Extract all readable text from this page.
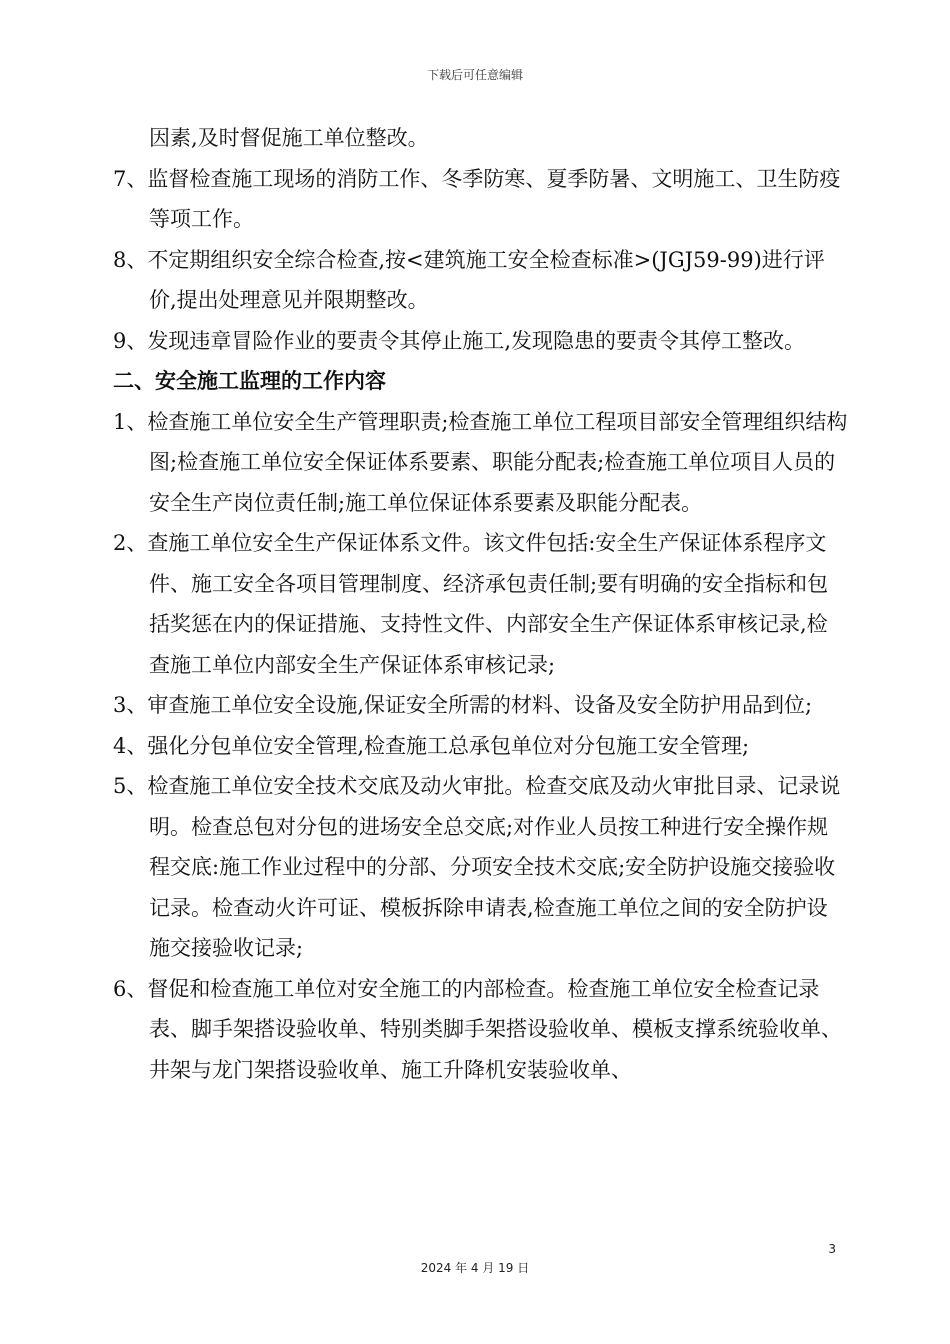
下载后可任意编辑

因素,及时督促施工单位整改。

7、监督检查施工现场的消防工作、冬季防寒、夏季防暑、文明施工、卫生防疫等项工作。

8、不定期组织安全综合检查,按<建筑施工安全检查标准>(JGJ59-99)进行评价,提出处理意见并限期整改。

9、发现违章冒险作业的要责令其停止施工,发现隐患的要责令其停工整改。

二、安全施工监理的工作内容

1、检查施工单位安全生产管理职责;检查施工单位工程项目部安全管理组织结构图;检查施工单位安全保证体系要素、职能分配表;检查施工单位项目人员的安全生产岗位责任制;施工单位保证体系要素及职能分配表。

2、查施工单位安全生产保证体系文件。该文件包括:安全生产保证体系程序文件、施工安全各项目管理制度、经济承包责任制;要有明确的安全指标和包括奖惩在内的保证措施、支持性文件、内部安全生产保证体系审核记录,检查施工单位内部安全生产保证体系审核记录;

3、审查施工单位安全设施,保证安全所需的材料、设备及安全防护用品到位;

4、强化分包单位安全管理,检查施工总承包单位对分包施工安全管理;

5、检查施工单位安全技术交底及动火审批。检查交底及动火审批目录、记录说明。检查总包对分包的进场安全总交底;对作业人员按工种进行安全操作规程交底:施工作业过程中的分部、分项安全技术交底;安全防护设施交接验收记录。检查动火许可证、模板拆除申请表,检查施工单位之间的安全防护设施交接验收记录;

6、督促和检查施工单位对安全施工的内部检查。检查施工单位安全检查记录表、脚手架搭设验收单、特别类脚手架搭设验收单、模板支撑系统验收单、井架与龙门架搭设验收单、施工升降机安装验收单、

3
2024 年 4 月 19 日
